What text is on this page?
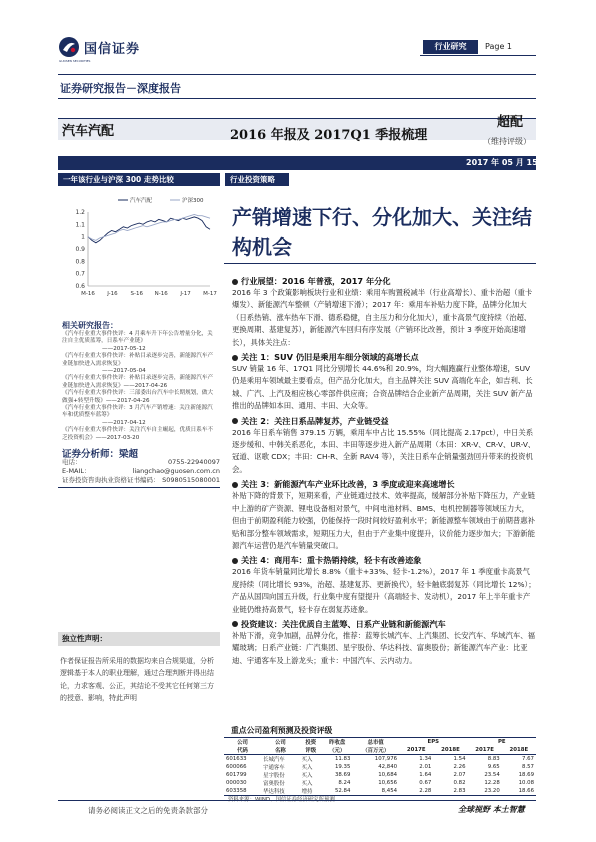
国信证券
GUOSEN SECURITIES
行业研究	Page 1
证券研究报告－深度报告
汽车汽配	2016 年报及 2017Q1 季报梳理
超配
（维持评级）
2017 年 05 月 15 日
一年该行业与沪深 300 走势比较
1.2
1.1
1
0.9
0.8
0.7
0.6
M-16 J-16 S-16 N-16 J-17 M-17
汽车汽配	沪深300
相关研究报告：
《汽车行业重大事件快评：4 月乘车升下年公告增量分化，关注自主优质蓝筹，日系车产业链》
——2017-05-12
《汽车行业重大事件快评：补贴目录逐步完善，新能源汽车产业链加快进入需求恢复》
——2017-05-04
《汽车行业重大事件快评：补贴目录逐步完善，新能源汽车产业链加快进入需求恢复》——2017-04-26
《汽车行业重大事件快评：三部委出台汽车中长期规划，做大做强+转型升级》——2017-04-26
《汽车行业重大事件快评：3 月汽车产销增速：关注新能源汽车和优质整车蓝筹》
——2017-04-12
《汽车行业重大事件快评：关注汽车自主崛起，优质日系车不乏投资机会》——2017-03-20
证券分析师：梁超
电话：	0755-22940097
E-MAIL：	liangchao@guosen.com.cn
证券投资咨询执业资格证书编码： S0980515080001
独立性声明：
作者保证报告所采用的数据均来自合规渠道，分析逻辑基于本人的职业理解，通过合理判断并得出结论，力求客观、公正，其结论不受其它任何第三方的授意、影响，特此声明
行业投资策略
产销增速下行、分化加大、关注结构机会
行业展望：2016 年普涨，2017 年分化
2016 年 3 个政策影响板块行业和业绩：乘用车购置税减半（行业高增长）、重卡治超（重卡爆发）、新能源汽车整顿（产销增速下滑）；2017 年：乘用车补贴力度下降，品牌分化加大（日系热销、涨车热车下滑、德系稳健，自主压力和分化加大），重卡高景气度持续（治超、更换周期、基建复苏），新能源汽车回归有序发展（产销环比改善，预计 3 季度开始高速增长），具体关注点：
关注 1：SUV 仍旧是乘用车细分领域的高增长点
SUV 销量 16 年、17Q1 同比分别增长 44.6%和 20.9%，均大幅跑赢行业整体增速，SUV 仍是乘用车领域最主要看点，但产品分化加大，自主品牌关注 SUV 高端化车企，如吉利、长城、广汽、上汽及相应核心零部件供应商；合资品牌结合企业新产品周期，关注 SUV 新产品推出的品牌如本田、通用、丰田、大众等。
关注 2：关注日系品牌复苏，产业链受益
2016 年日系车销售 379.15 万辆，乘用车中占比 15.55%（同比提高 2.17pct），中日关系逐步缓和、中韩关系恶化，本田、丰田等逐步进入新产品周期（本田：XR-V、CR-V、UR-V、冠道、讴歌 CDX；丰田：CH-R、全新 RAV4 等），关注日系车企销量强劲回升带来的投资机会。
关注 3：新能源汽车产业环比改善，3 季度或迎来高速增长
补贴下降的背景下，短期来看，产业链通过技术、效率提高，缓解部分补贴下降压力，产业链中上游的矿产资源、锂电设备相对景气，中间电池材料、BMS、电机控制器等领域压力大，但由于前期盈利能力较强，仍能保持一段时间较好盈利水平；新能源整车领域由于前期普惠补贴和部分整车领域需求，短期压力大，但由于产业集中度提升，议价能力逐步加大；下游新能源汽车运营仍是汽车销量突破口。
关注 4：商用车：重卡热销持续，轻卡有改善迹象
2016 年货车销量同比增长 8.8%（重卡+33%、轻卡-1.2%），2017 年 1 季度重卡高景气度持续（同比增长 93%，治超、基建复苏、更新换代），轻卡触底弱复苏（同比增长 12%）；产品从国四向国五升级，行业集中度有望提升（高端轻卡、发动机），2017 年上半年重卡产业链仍维持高景气，轻卡存在弱复苏迹象。
投资建议：关注优质自主蓝筹、日系产业链和新能源汽车
补贴下滑，竞争加剧，品牌分化，推荐：蓝筹长城汽车、上汽集团、长安汽车、华域汽车、福耀玻璃；日系产业链：广汽集团、星宇股份、华达科技、富奥股份；新能源汽车产业：比亚迪、宇通客车及上游龙头；重卡：中国汽车、云内动力。
重点公司盈利预测及投资评级
公司	公司	投资	昨收盘	总市值	EPS		PE	
代码	名称	评级	（元）	（百万元）	2017E	2018E	2017E	2018E
601633	长城汽车	买入	11.83	107,976	1.34	1.54	8.83	7.67
600066	宇通客车	买入	19.35	42,840	2.01	2.26	9.65	8.57
601799	星宇股份	买入	38.69	10,684	1.64	2.07	23.54	18.69
000030	富奥股份	买入	8.24	10,656	0.67	0.82	12.28	10.08
603358	华达科技	增持	52.84	8,454	2.28	2.83	23.20	18.66
请务必阅读正文之后的免责条款部分	全球视野 本土智慧
